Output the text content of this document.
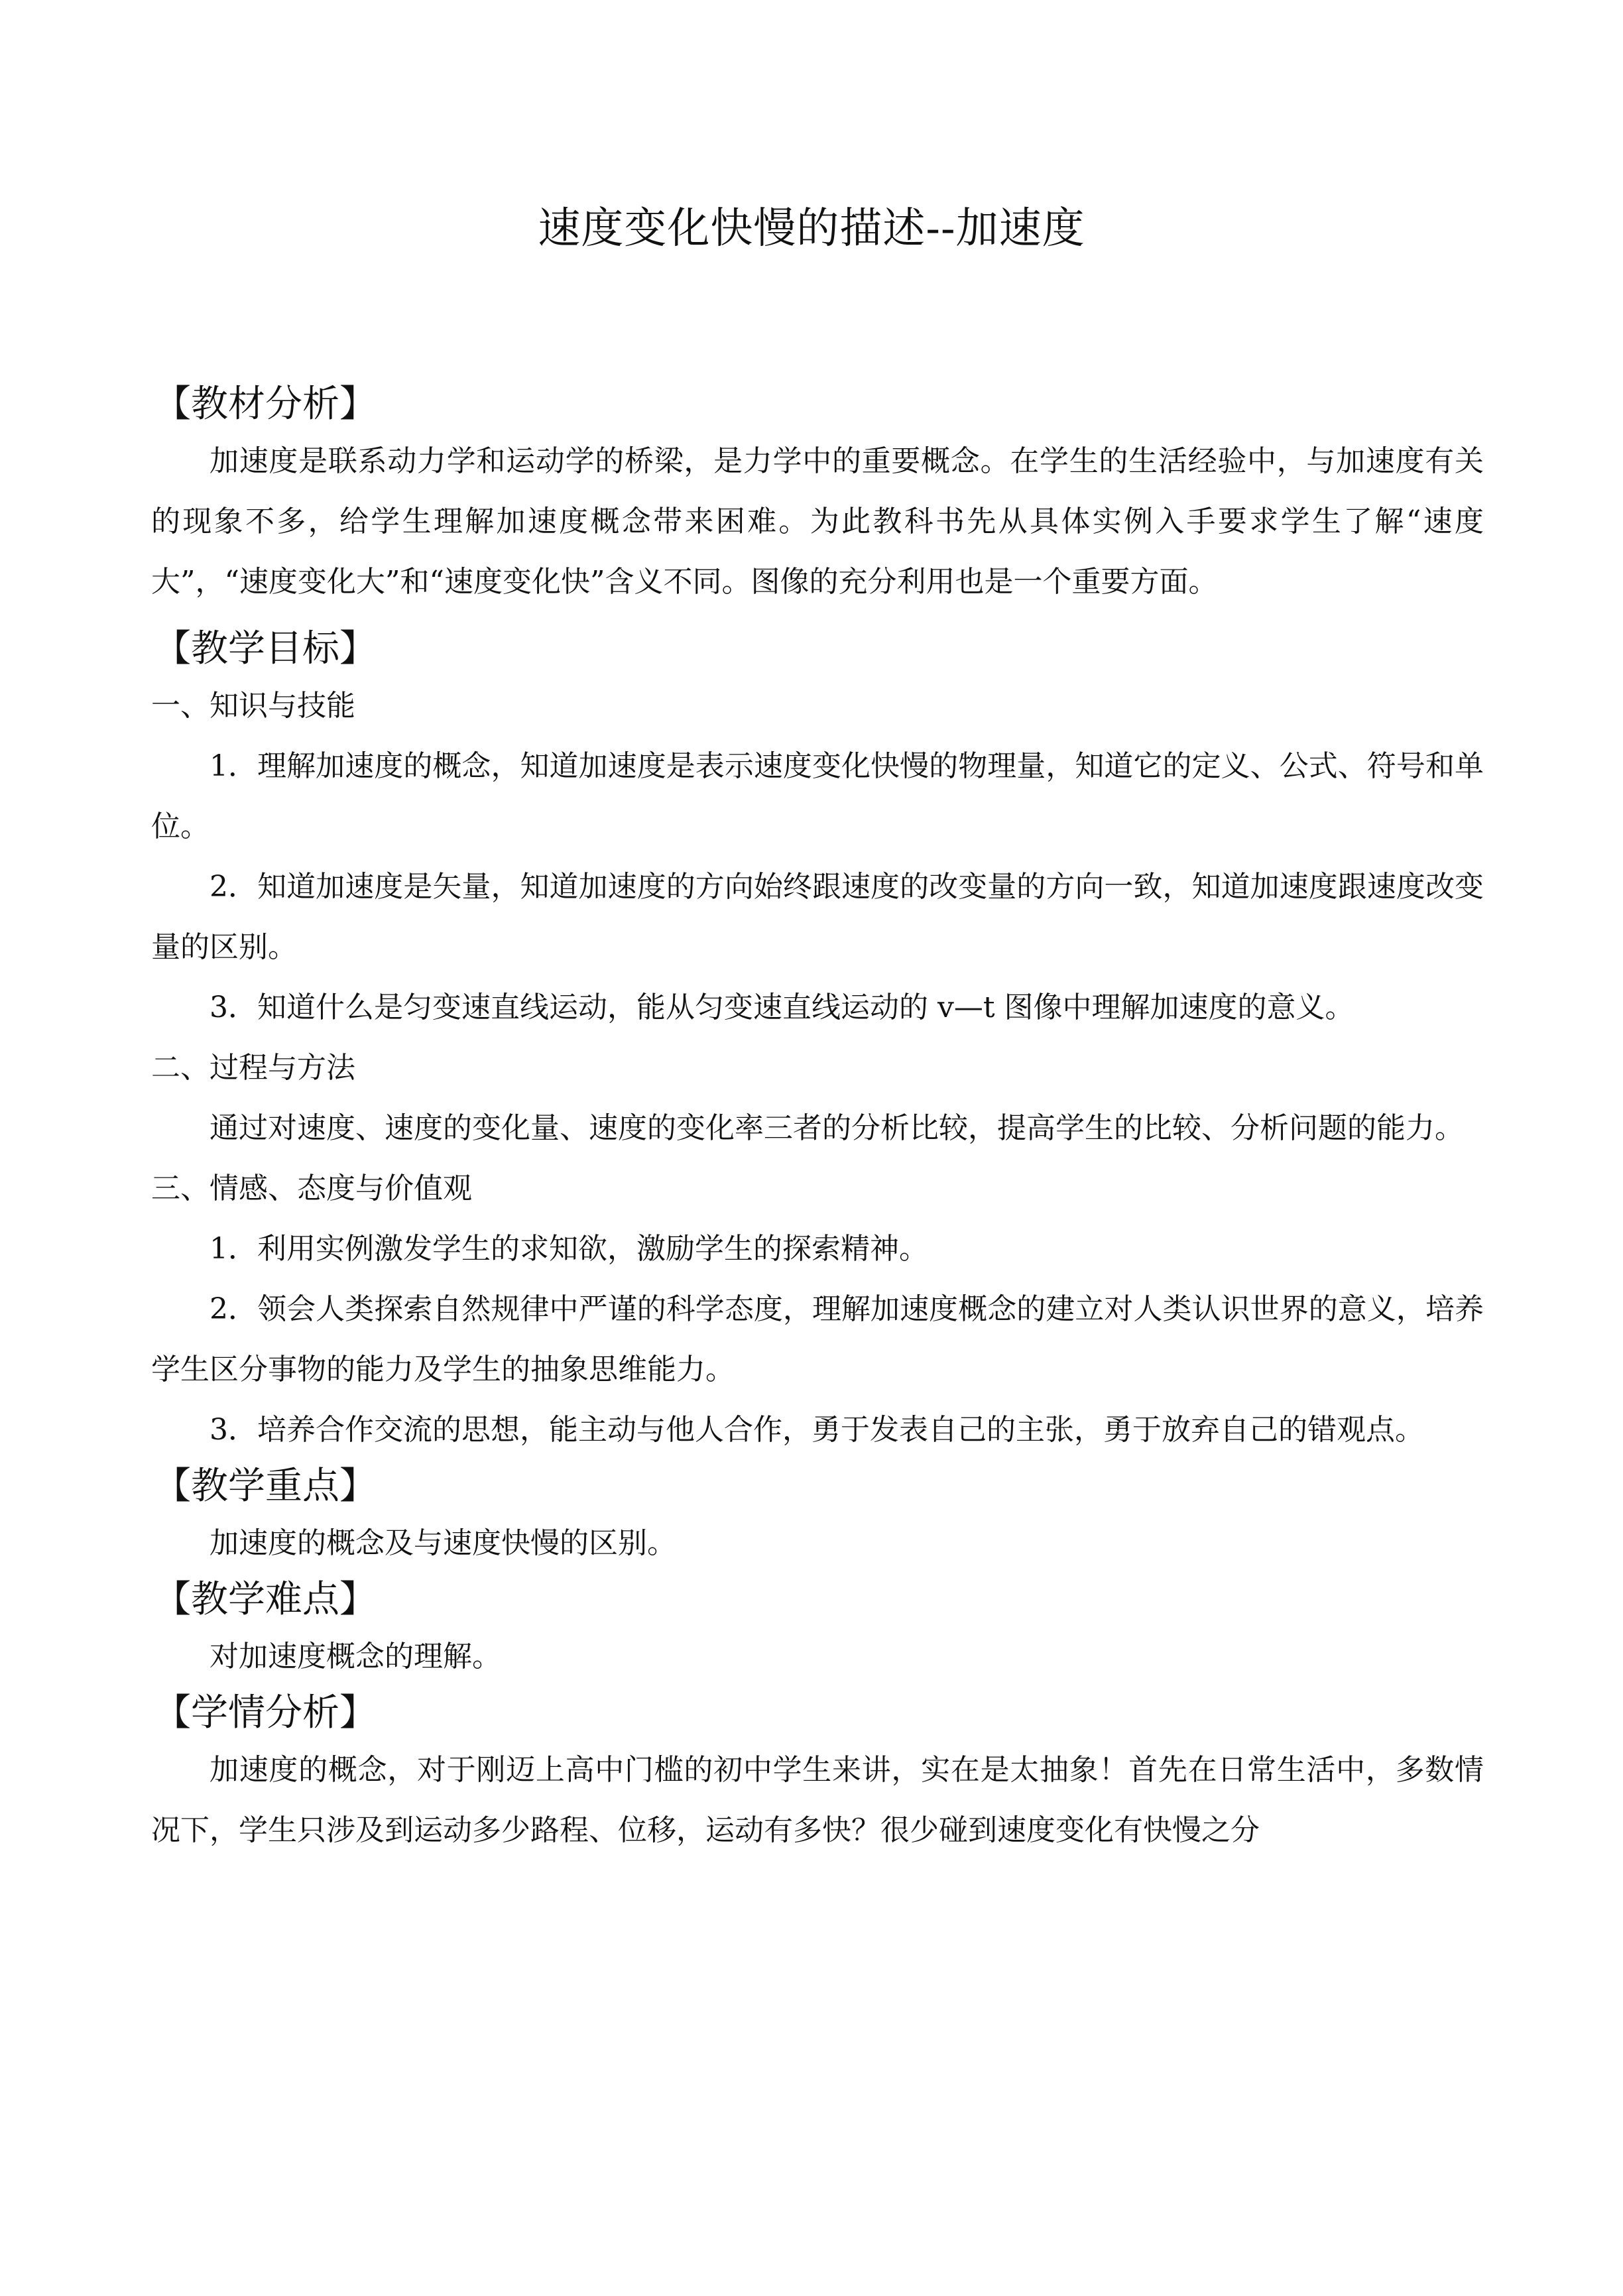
速度变化快慢的描述--加速度
【教材分析】

加速度是联系动力学和运动学的桥梁，是力学中的重要概念。在学生的生活经验中，与加速度有关的现象不多，给学生理解加速度概念带来困难。为此教科书先从具体实例入手要求学生了解“速度大”，“速度变化大”和“速度变化快”含义不同。图像的充分利用也是一个重要方面。

【教学目标】

一、知识与技能

1．理解加速度的概念，知道加速度是表示速度变化快慢的物理量，知道它的定义、公式、符号和单位。

2．知道加速度是矢量，知道加速度的方向始终跟速度的改变量的方向一致，知道加速度跟速度改变量的区别。

3．知道什么是匀变速直线运动，能从匀变速直线运动的 v—t 图像中理解加速度的意义。

二、过程与方法

通过对速度、速度的变化量、速度的变化率三者的分析比较，提高学生的比较、分析问题的能力。

三、情感、态度与价值观

1．利用实例激发学生的求知欲，激励学生的探索精神。

2．领会人类探索自然规律中严谨的科学态度，理解加速度概念的建立对人类认识世界的意义，培养学生区分事物的能力及学生的抽象思维能力。

3．培养合作交流的思想，能主动与他人合作，勇于发表自己的主张，勇于放弃自己的错观点。

【教学重点】

加速度的概念及与速度快慢的区别。

【教学难点】

对加速度概念的理解。

【学情分析】

加速度的概念，对于刚迈上高中门槛的初中学生来讲，实在是太抽象！首先在日常生活中，多数情况下，学生只涉及到运动多少路程、位移，运动有多快？很少碰到速度变化有快慢之分
